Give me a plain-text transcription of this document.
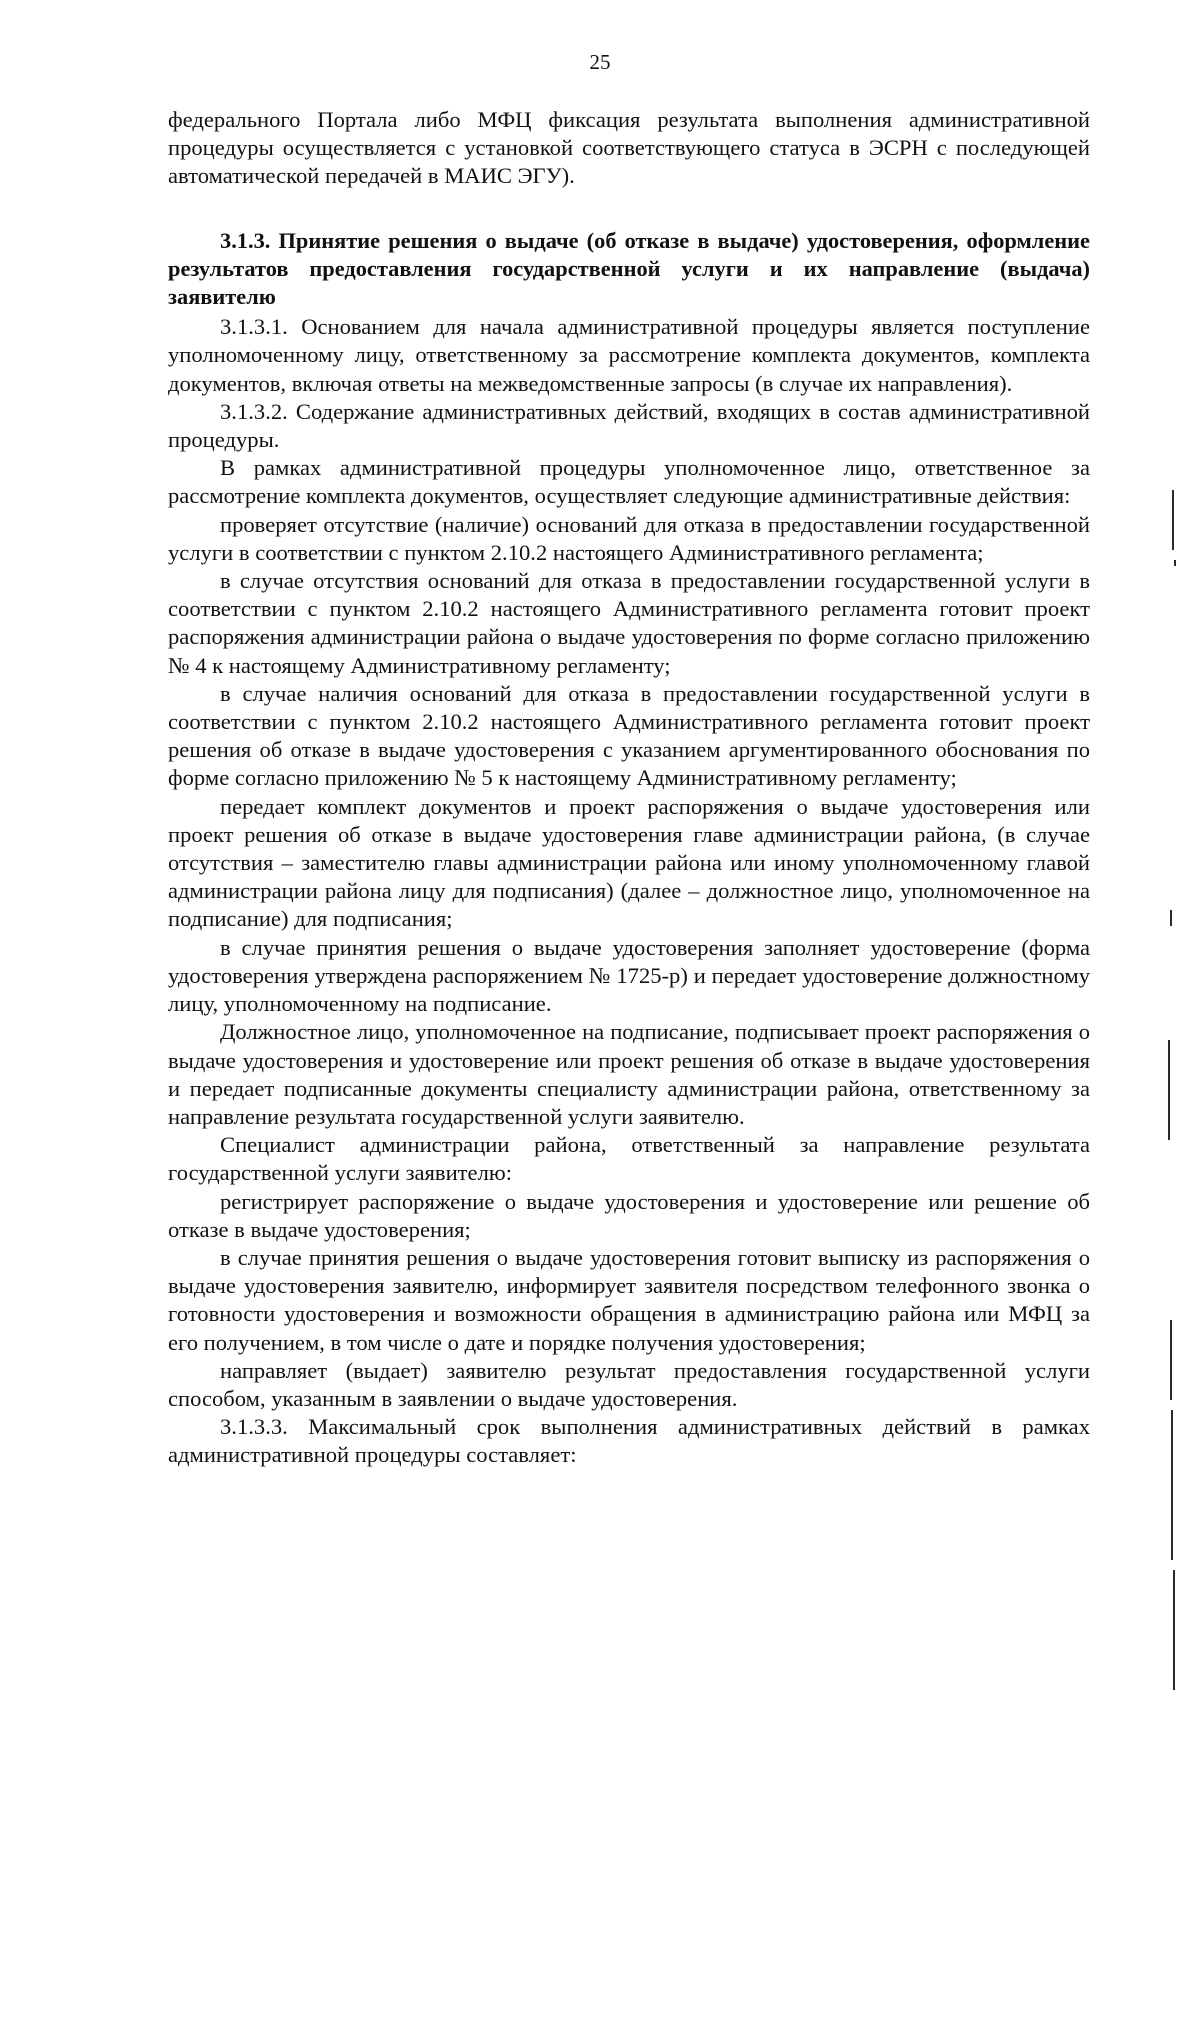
25

федерального Портала либо МФЦ фиксация результата выполнения административной процедуры осуществляется с установкой соответствующего статуса в ЭСРН с последующей автоматической передачей в МАИС ЭГУ).

3.1.3. Принятие решения о выдаче (об отказе в выдаче) удостоверения, оформление результатов предоставления государственной услуги и их направление (выдача) заявителю

3.1.3.1. Основанием для начала административной процедуры является поступление уполномоченному лицу, ответственному за рассмотрение комплекта документов, комплекта документов, включая ответы на межведомственные запросы (в случае их направления).

3.1.3.2. Содержание административных действий, входящих в состав административной процедуры.

В рамках административной процедуры уполномоченное лицо, ответственное за рассмотрение комплекта документов, осуществляет следующие административные действия:

проверяет отсутствие (наличие) оснований для отказа в предоставлении государственной услуги в соответствии с пунктом 2.10.2 настоящего Административного регламента;

в случае отсутствия оснований для отказа в предоставлении государственной услуги в соответствии с пунктом 2.10.2 настоящего Административного регламента готовит проект распоряжения администрации района о выдаче удостоверения по форме согласно приложению № 4 к настоящему Административному регламенту;

в случае наличия оснований для отказа в предоставлении государственной услуги в соответствии с пунктом 2.10.2 настоящего Административного регламента готовит проект решения об отказе в выдаче удостоверения с указанием аргументированного обоснования по форме согласно приложению № 5 к настоящему Административному регламенту;

передает комплект документов и проект распоряжения о выдаче удостоверения или проект решения об отказе в выдаче удостоверения главе администрации района, (в случае отсутствия – заместителю главы администрации района или иному уполномоченному главой администрации района лицу для подписания) (далее – должностное лицо, уполномоченное на подписание) для подписания;

в случае принятия решения о выдаче удостоверения заполняет удостоверение (форма удостоверения утверждена распоряжением № 1725-р) и передает удостоверение должностному лицу, уполномоченному на подписание.

Должностное лицо, уполномоченное на подписание, подписывает проект распоряжения о выдаче удостоверения и удостоверение или проект решения об отказе в выдаче удостоверения и передает подписанные документы специалисту администрации района, ответственному за направление результата государственной услуги заявителю.

Специалист администрации района, ответственный за направление результата государственной услуги заявителю:

регистрирует распоряжение о выдаче удостоверения и удостоверение или решение об отказе в выдаче удостоверения;

в случае принятия решения о выдаче удостоверения готовит выписку из распоряжения о выдаче удостоверения заявителю, информирует заявителя посредством телефонного звонка о готовности удостоверения и возможности обращения в администрацию района или МФЦ за его получением, в том числе о дате и порядке получения удостоверения;

направляет (выдает) заявителю результат предоставления государственной услуги способом, указанным в заявлении о выдаче удостоверения.

3.1.3.3. Максимальный срок выполнения административных действий в рамках административной процедуры составляет:
